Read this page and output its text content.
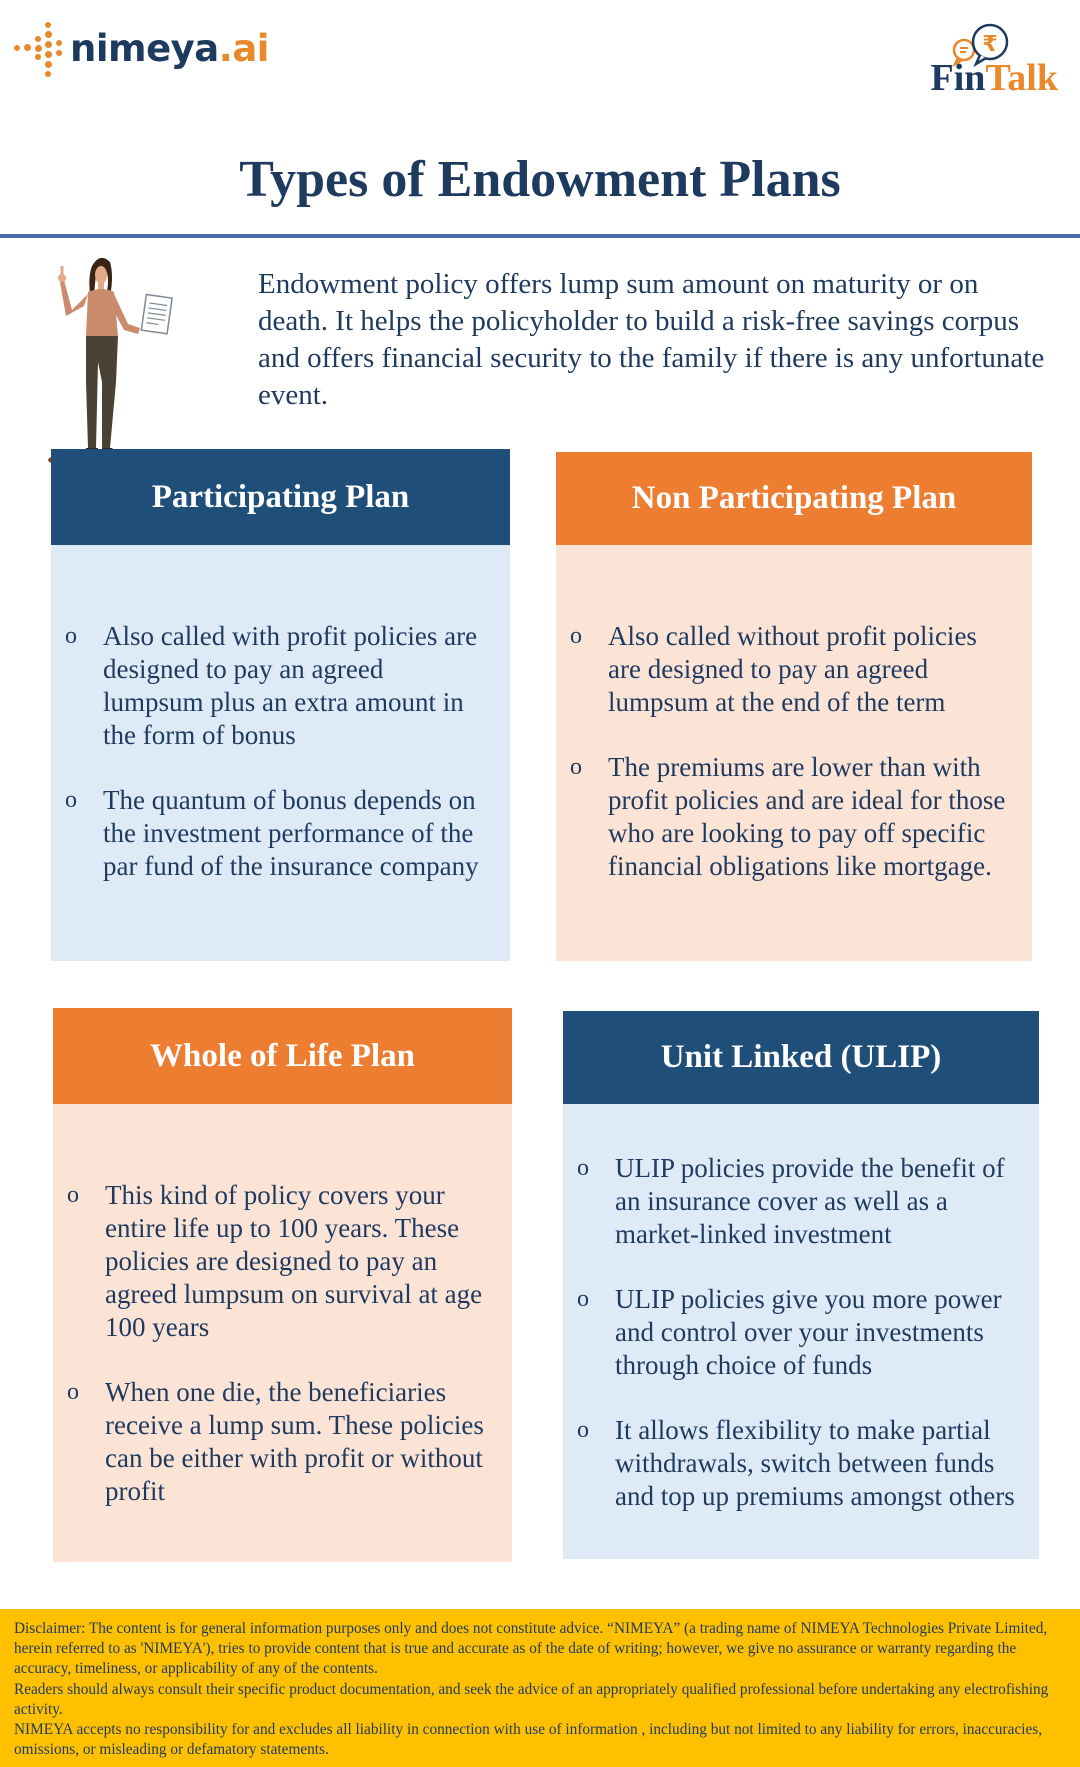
nimeya.ai	₹
FinTalk
Types of Endowment Plans

Endowment policy offers lump sum amount on maturity or on death. It helps the policyholder to build a risk-free savings corpus and offers financial security to the family if there is any unfortunate event.

Participating Plan
o Also called with profit policies are designed to pay an agreed lumpsum plus an extra amount in the form of bonus
o The quantum of bonus depends on the investment performance of the par fund of the insurance company
Non Participating Plan
o Also called without profit policies are designed to pay an agreed lumpsum at the end of the term
o The premiums are lower than with profit policies and are ideal for those who are looking to pay off specific financial obligations like mortgage.
Whole of Life Plan
o This kind of policy covers your entire life up to 100 years. These policies are designed to pay an agreed lumpsum on survival at age 100 years
o When one die, the beneficiaries receive a lump sum. These policies can be either with profit or without profit
Unit Linked (ULIP)
o ULIP policies provide the benefit of an insurance cover as well as a market-linked investment
o ULIP policies give you more power and control over your investments through choice of funds
o It allows flexibility to make partial withdrawals, switch between funds and top up premiums amongst others

Disclaimer: The content is for general information purposes only and does not constitute advice. “NIMEYA” (a trading name of NIMEYA Technologies Private Limited, herein referred to as 'NIMEYA'), tries to provide content that is true and accurate as of the date of writing; however, we give no assurance or warranty regarding the accuracy, timeliness, or applicability of any of the contents.

Readers should always consult their specific product documentation, and seek the advice of an appropriately qualified professional before undertaking any electrofishing activity.

NIMEYA accepts no responsibility for and excludes all liability in connection with use of information , including but not limited to any liability for errors, inaccuracies, omissions, or misleading or defamatory statements.
